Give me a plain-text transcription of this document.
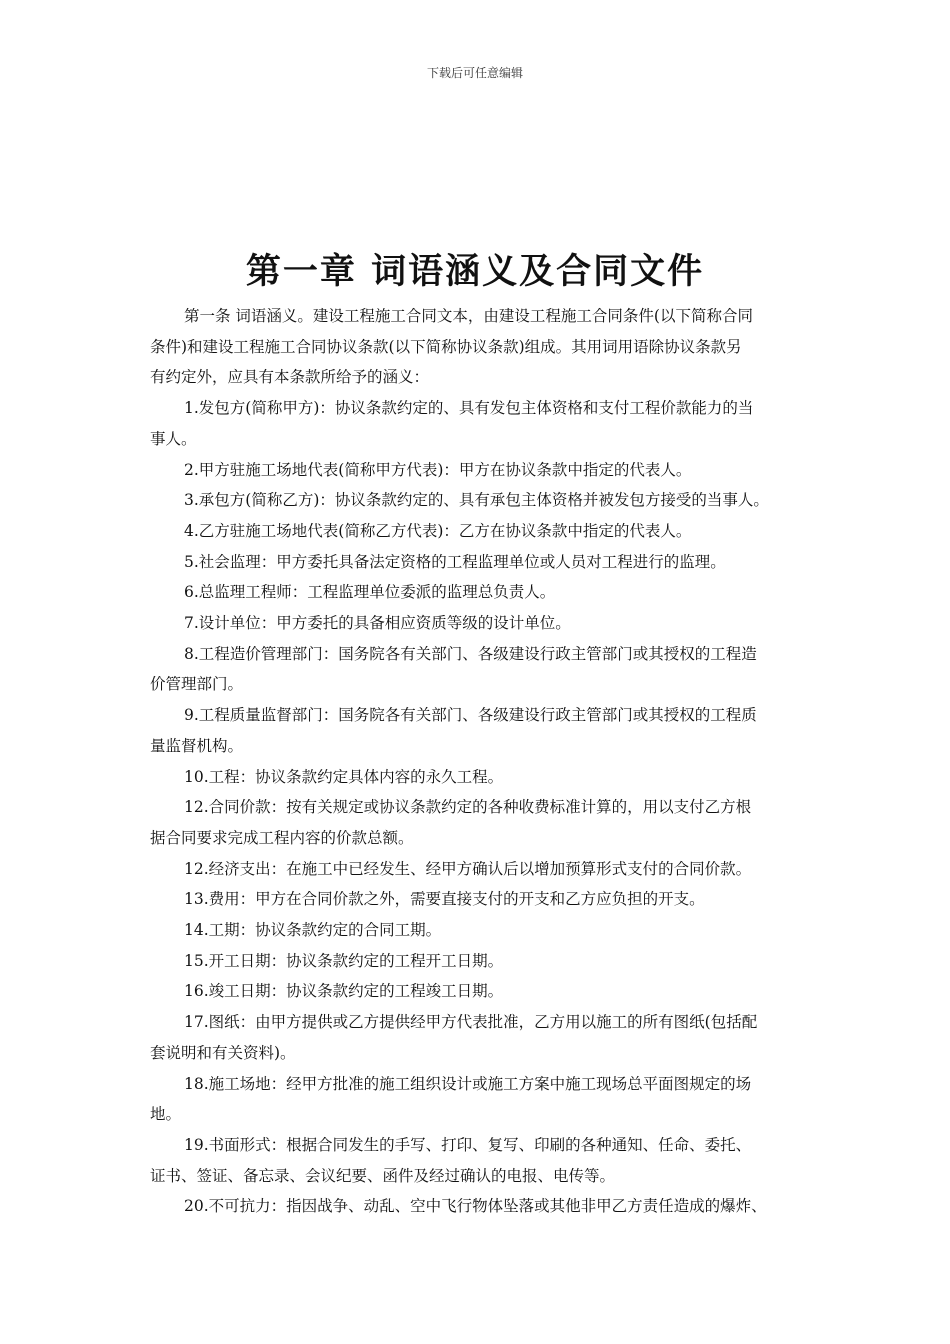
下载后可任意编辑
第一章 词语涵义及合同文件

第一条 词语涵义。建设工程施工合同文本，由建设工程施工合同条件(以下简称合同

条件)和建设工程施工合同协议条款(以下简称协议条款)组成。其用词用语除协议条款另

有约定外，应具有本条款所给予的涵义：

1.发包方(简称甲方)：协议条款约定的、具有发包主体资格和支付工程价款能力的当

事人。

2.甲方驻施工场地代表(简称甲方代表)：甲方在协议条款中指定的代表人。

3.承包方(简称乙方)：协议条款约定的、具有承包主体资格并被发包方接受的当事人。

4.乙方驻施工场地代表(简称乙方代表)：乙方在协议条款中指定的代表人。

5.社会监理：甲方委托具备法定资格的工程监理单位或人员对工程进行的监理。

6.总监理工程师：工程监理单位委派的监理总负责人。

7.设计单位：甲方委托的具备相应资质等级的设计单位。

8.工程造价管理部门：国务院各有关部门、各级建设行政主管部门或其授权的工程造

价管理部门。

9.工程质量监督部门：国务院各有关部门、各级建设行政主管部门或其授权的工程质

量监督机构。

10.工程：协议条款约定具体内容的永久工程。

12.合同价款：按有关规定或协议条款约定的各种收费标准计算的，用以支付乙方根

据合同要求完成工程内容的价款总额。

12.经济支出：在施工中已经发生、经甲方确认后以增加预算形式支付的合同价款。

13.费用：甲方在合同价款之外，需要直接支付的开支和乙方应负担的开支。

14.工期：协议条款约定的合同工期。

15.开工日期：协议条款约定的工程开工日期。

16.竣工日期：协议条款约定的工程竣工日期。

17.图纸：由甲方提供或乙方提供经甲方代表批准，乙方用以施工的所有图纸(包括配

套说明和有关资料)。

18.施工场地：经甲方批准的施工组织设计或施工方案中施工现场总平面图规定的场

地。

19.书面形式：根据合同发生的手写、打印、复写、印刷的各种通知、任命、委托、

证书、签证、备忘录、会议纪要、函件及经过确认的电报、电传等。

20.不可抗力：指因战争、动乱、空中飞行物体坠落或其他非甲乙方责任造成的爆炸、
